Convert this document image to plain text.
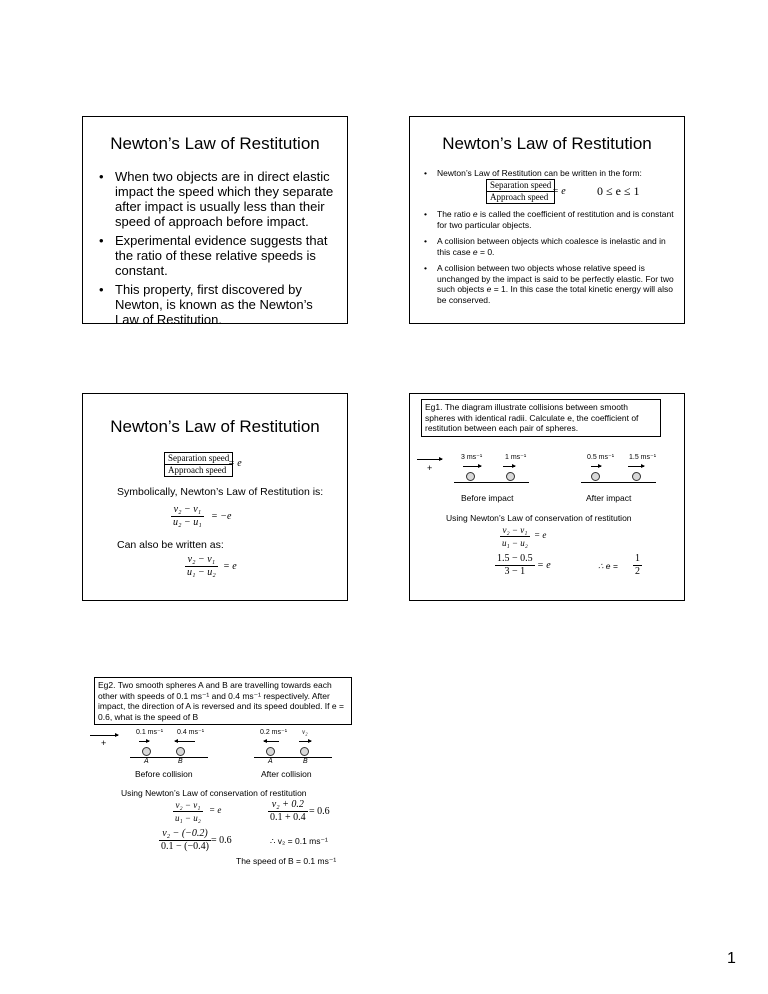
Newton’s Law of Restitution
• When two objects are in direct elastic impact the speed which they separate after impact is usually less than their speed of approach before impact.
• Experimental evidence suggests that the ratio of these relative speeds is constant.
• This property, first discovered by Newton, is known as the Newton’s Law of Restitution.
Newton’s Law of Restitution
• Newton’s Law of Restitution can be written in the form:
Separation speed
Approach speed = e	0 ≤ e ≤ 1
• The ratio e is called the coefficient of restitution and is constant for two particular objects.
• A collision between objects which coalesce is inelastic and in this case e = 0.
• A collision between two objects whose relative speed is unchanged by the impact is said to be perfectly elastic. For two such objects e = 1. In this case the total kinetic energy will also be conserved.
Newton’s Law of Restitution
Separation speed
Approach speed
= e
Symbolically, Newton’s Law of Restitution is:
$\frac{\text{v₂ − v₁}}{\text{u₂ − u₁}} = -e$
Can also be written as:
$\frac{\text{v₂ − v₁}}{\text{u₁ − u₂}} = e$
Eg1. The diagram illustrate collisions between smooth spheres with identical radii. Calculate e, the coefficient of restitution between each pair of spheres.
+
3 ms⁻¹	1 ms⁻¹	0.5 ms⁻¹ 1.5 ms⁻¹
Before impact	After impact
Using Newton’s Law of conservation of restitution
$\frac{\text{v₂ − v₁}}{\text{u₁ − u₂}} = e$
$\frac{1.5 - 0.5}{3 - 1} = e$	∴ $e = \frac{1}{2}$
Eg2. Two smooth spheres A and B are travelling towards each other with speeds of 0.1 ms⁻¹ and 0.4 ms⁻¹ respectively. After impact, the direction of A is reversed and its speed doubled. If e = 0.6, what is the speed of B
+
0.1 ms⁻¹ 0.4 ms⁻¹
A	B
0.2 ms⁻¹ v₂
A	B
Before collision	After collision
Using Newton’s Law of conservation of restitution
$\frac{\text{v₂ − v₁}}{\text{u₁ − u₂}} = e$	$\frac{\text{v₂ + 0.2}}{0.1 + 0.4} = 0.6$
$\frac{\text{v₂ − (−0.2)}}{0.1 - (-0.4)} = 0.6$	∴ v₂ = 0.1 ms⁻¹
The speed of B = 0.1 ms⁻¹
1
